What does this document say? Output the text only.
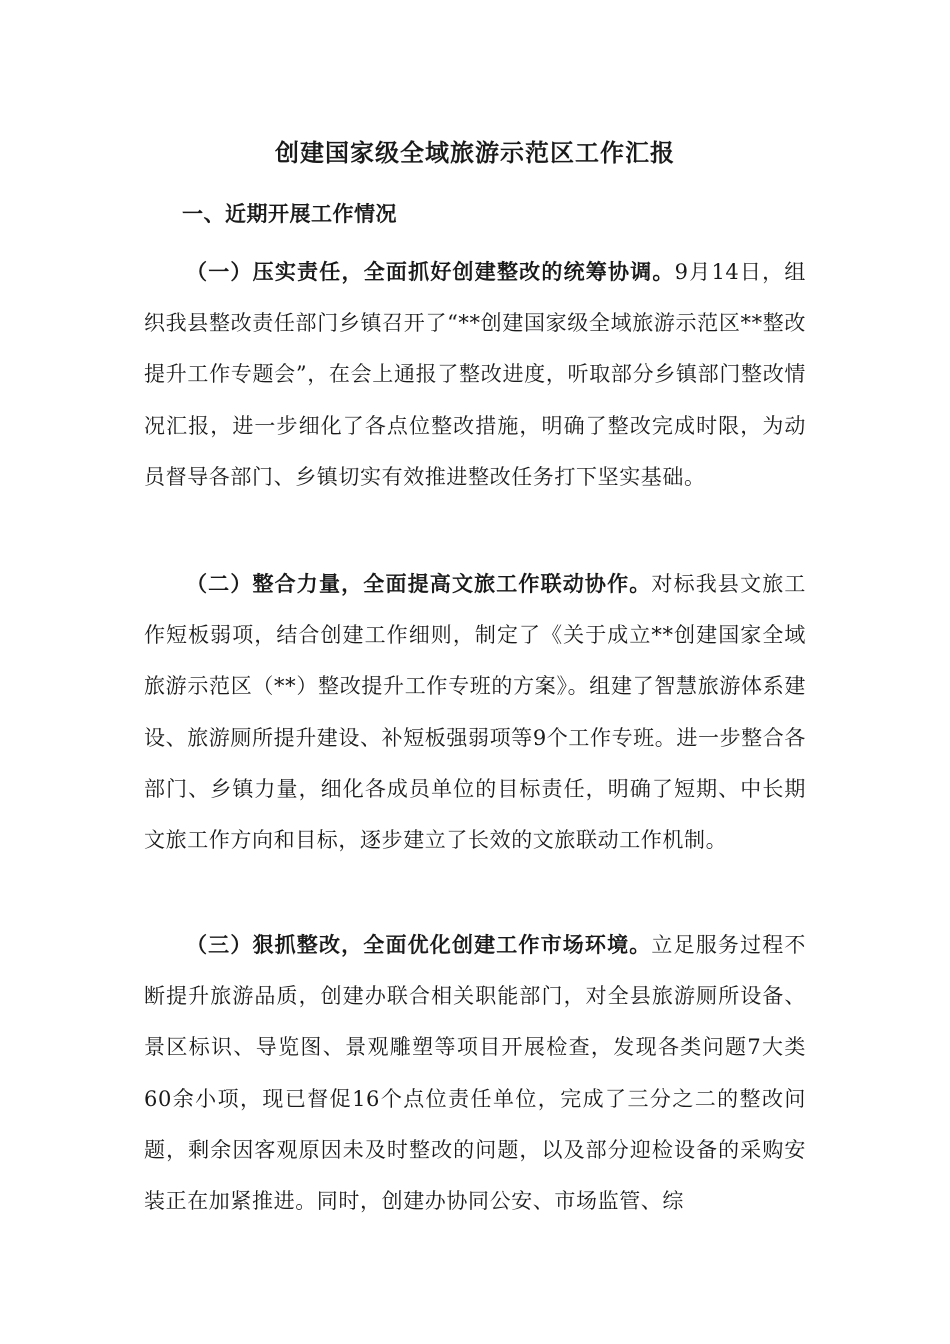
创建国家级全域旅游示范区工作汇报
一、近期开展工作情况

（一）压实责任，全面抓好创建整改的统筹协调。9月14日，组织我县整改责任部门乡镇召开了“**创建国家级全域旅游示范区**整改提升工作专题会”，在会上通报了整改进度，听取部分乡镇部门整改情况汇报，进一步细化了各点位整改措施，明确了整改完成时限，为动员督导各部门、乡镇切实有效推进整改任务打下坚实基础。

（二）整合力量，全面提高文旅工作联动协作。对标我县文旅工作短板弱项，结合创建工作细则，制定了《关于成立**创建国家全域旅游示范区（**）整改提升工作专班的方案》。组建了智慧旅游体系建设、旅游厕所提升建设、补短板强弱项等9个工作专班。进一步整合各部门、乡镇力量，细化各成员单位的目标责任，明确了短期、中长期文旅工作方向和目标，逐步建立了长效的文旅联动工作机制。

（三）狠抓整改，全面优化创建工作市场环境。立足服务过程不断提升旅游品质，创建办联合相关职能部门，对全县旅游厕所设备、景区标识、导览图、景观雕塑等项目开展检查，发现各类问题7大类60余小项，现已督促16个点位责任单位，完成了三分之二的整改问题，剩余因客观原因未及时整改的问题，以及部分迎检设备的采购安装正在加紧推进。同时，创建办协同公安、市场监管、综
